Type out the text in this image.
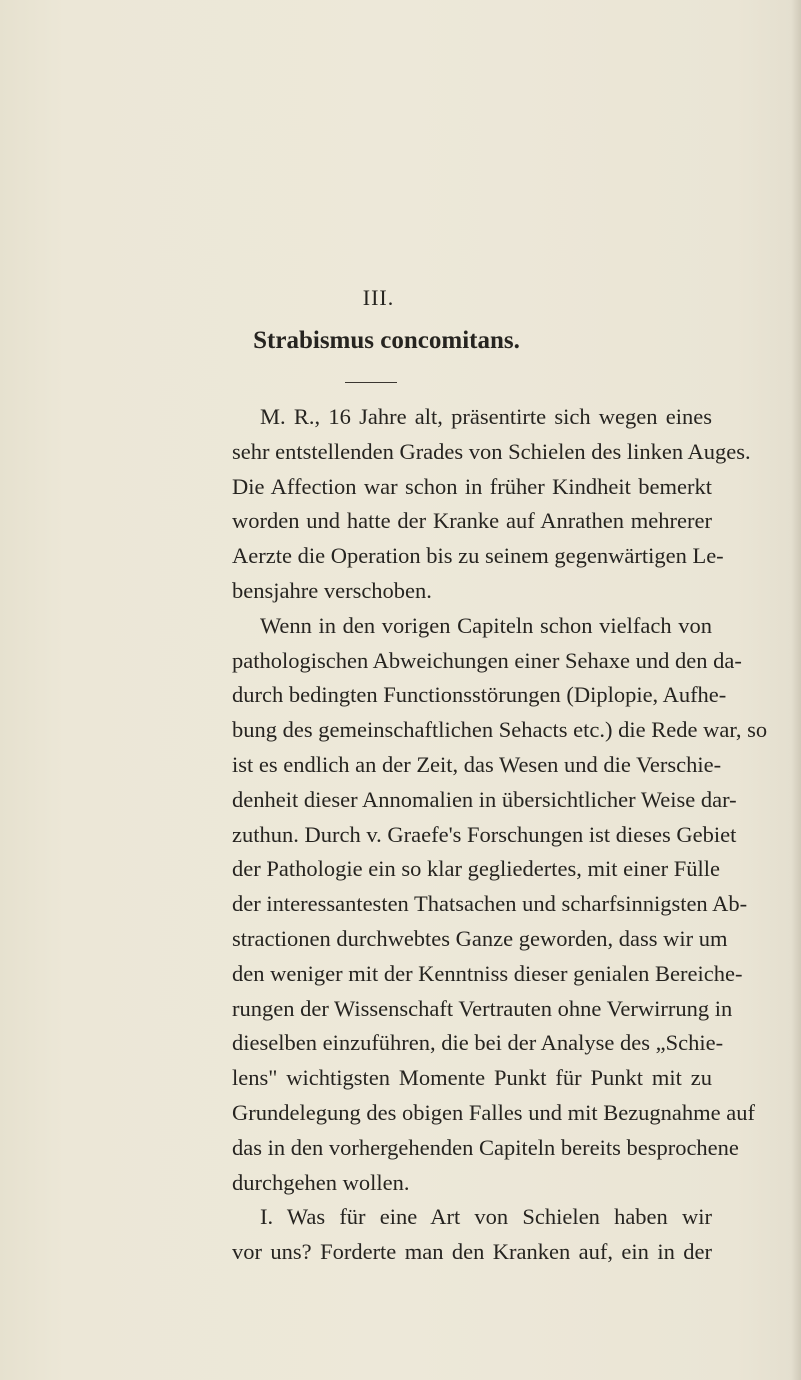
III.
Strabismus concomitans.
M. R., 16 Jahre alt, präsentirte sich wegen eines
sehr entstellenden Grades von Schielen des linken Auges.
Die Affection war schon in früher Kindheit bemerkt
worden und hatte der Kranke auf Anrathen mehrerer
Aerzte die Operation bis zu seinem gegenwärtigen Le-
bensjahre verschoben.
Wenn in den vorigen Capiteln schon vielfach von
pathologischen Abweichungen einer Sehaxe und den da-
durch bedingten Functionsstörungen (Diplopie, Aufhe-
bung des gemeinschaftlichen Sehacts etc.) die Rede war, so
ist es endlich an der Zeit, das Wesen und die Verschie-
denheit dieser Annomalien in übersichtlicher Weise dar-
zuthun. Durch v. Graefe's Forschungen ist dieses Gebiet
der Pathologie ein so klar gegliedertes, mit einer Fülle
der interessantesten Thatsachen und scharfsinnigsten Ab-
stractionen durchwebtes Ganze geworden, dass wir um
den weniger mit der Kenntniss dieser genialen Bereiche-
rungen der Wissenschaft Vertrauten ohne Verwirrung in
dieselben einzuführen, die bei der Analyse des „Schie-
lens" wichtigsten Momente Punkt für Punkt mit zu
Grundelegung des obigen Falles und mit Bezugnahme auf
das in den vorhergehenden Capiteln bereits besprochene
durchgehen wollen.
I. Was für eine Art von Schielen haben wir
vor uns? Forderte man den Kranken auf, ein in der
